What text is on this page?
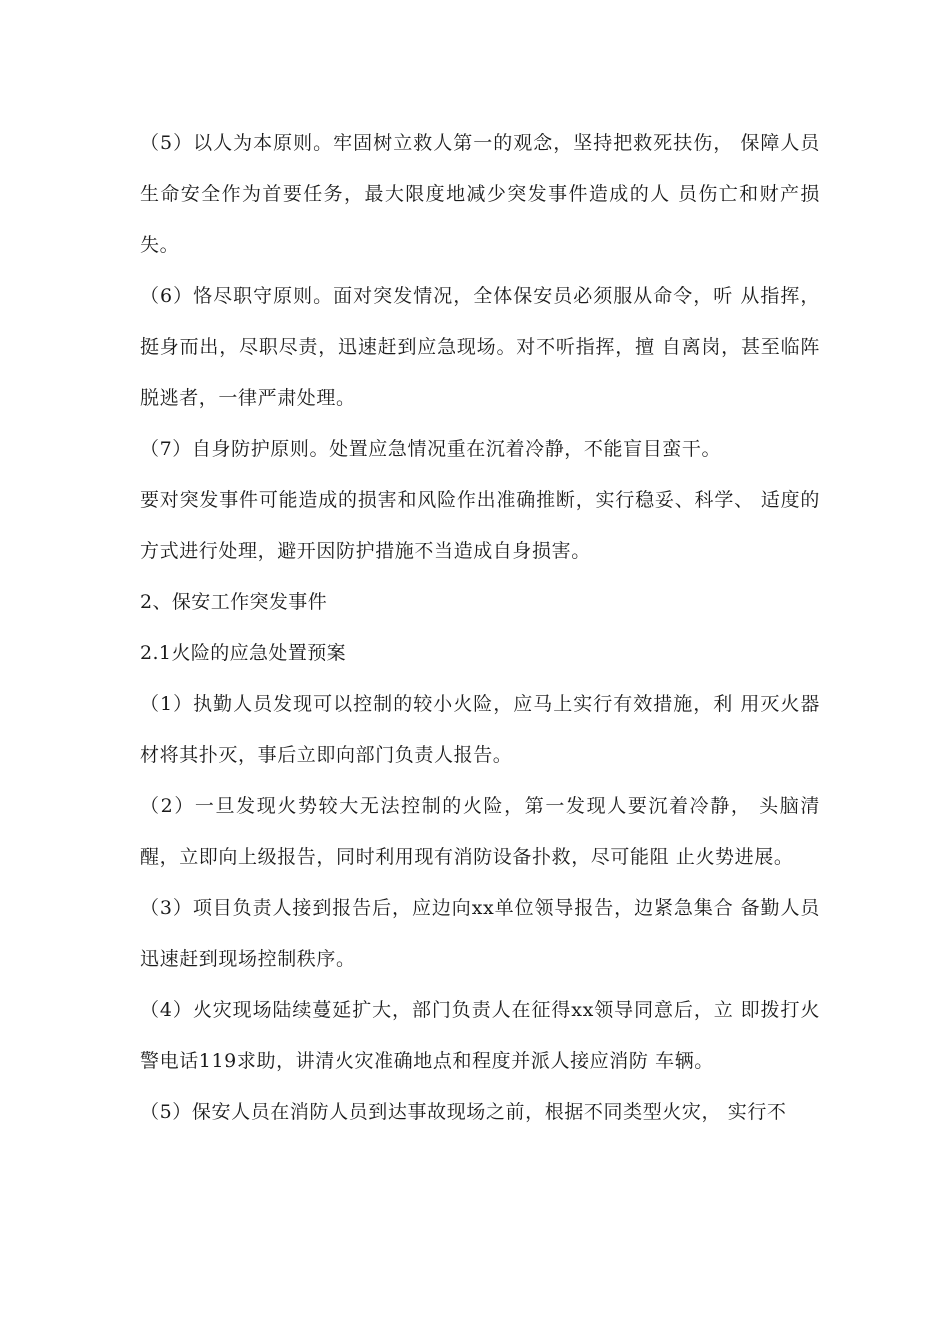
（5）以人为本原则。牢固树立救人第一的观念，坚持把救死扶伤， 保障人员生命安全作为首要任务，最大限度地减少突发事件造成的人 员伤亡和财产损失。

（6）恪尽职守原则。面对突发情况，全体保安员必须服从命令，听 从指挥，挺身而出，尽职尽责，迅速赶到应急现场。对不听指挥，擅 自离岗，甚至临阵脱逃者，一律严肃处理。

（7）自身防护原则。处置应急情况重在沉着冷静，不能盲目蛮干。

要对突发事件可能造成的损害和风险作出准确推断，实行稳妥、科学、 适度的方式进行处理，避开因防护措施不当造成自身损害。

2、保安工作突发事件

2.1火险的应急处置预案

（1）执勤人员发现可以控制的较小火险，应马上实行有效措施，利 用灭火器材将其扑灭，事后立即向部门负责人报告。

（2）一旦发现火势较大无法控制的火险，第一发现人要沉着冷静， 头脑清醒，立即向上级报告，同时利用现有消防设备扑救，尽可能阻 止火势进展。

（3）项目负责人接到报告后，应边向xx单位领导报告，边紧急集合 备勤人员迅速赶到现场控制秩序。

（4）火灾现场陆续蔓延扩大，部门负责人在征得xx领导同意后，立 即拨打火警电话119求助，讲清火灾准确地点和程度并派人接应消防 车辆。

（5）保安人员在消防人员到达事故现场之前，根据不同类型火灾， 实行不
